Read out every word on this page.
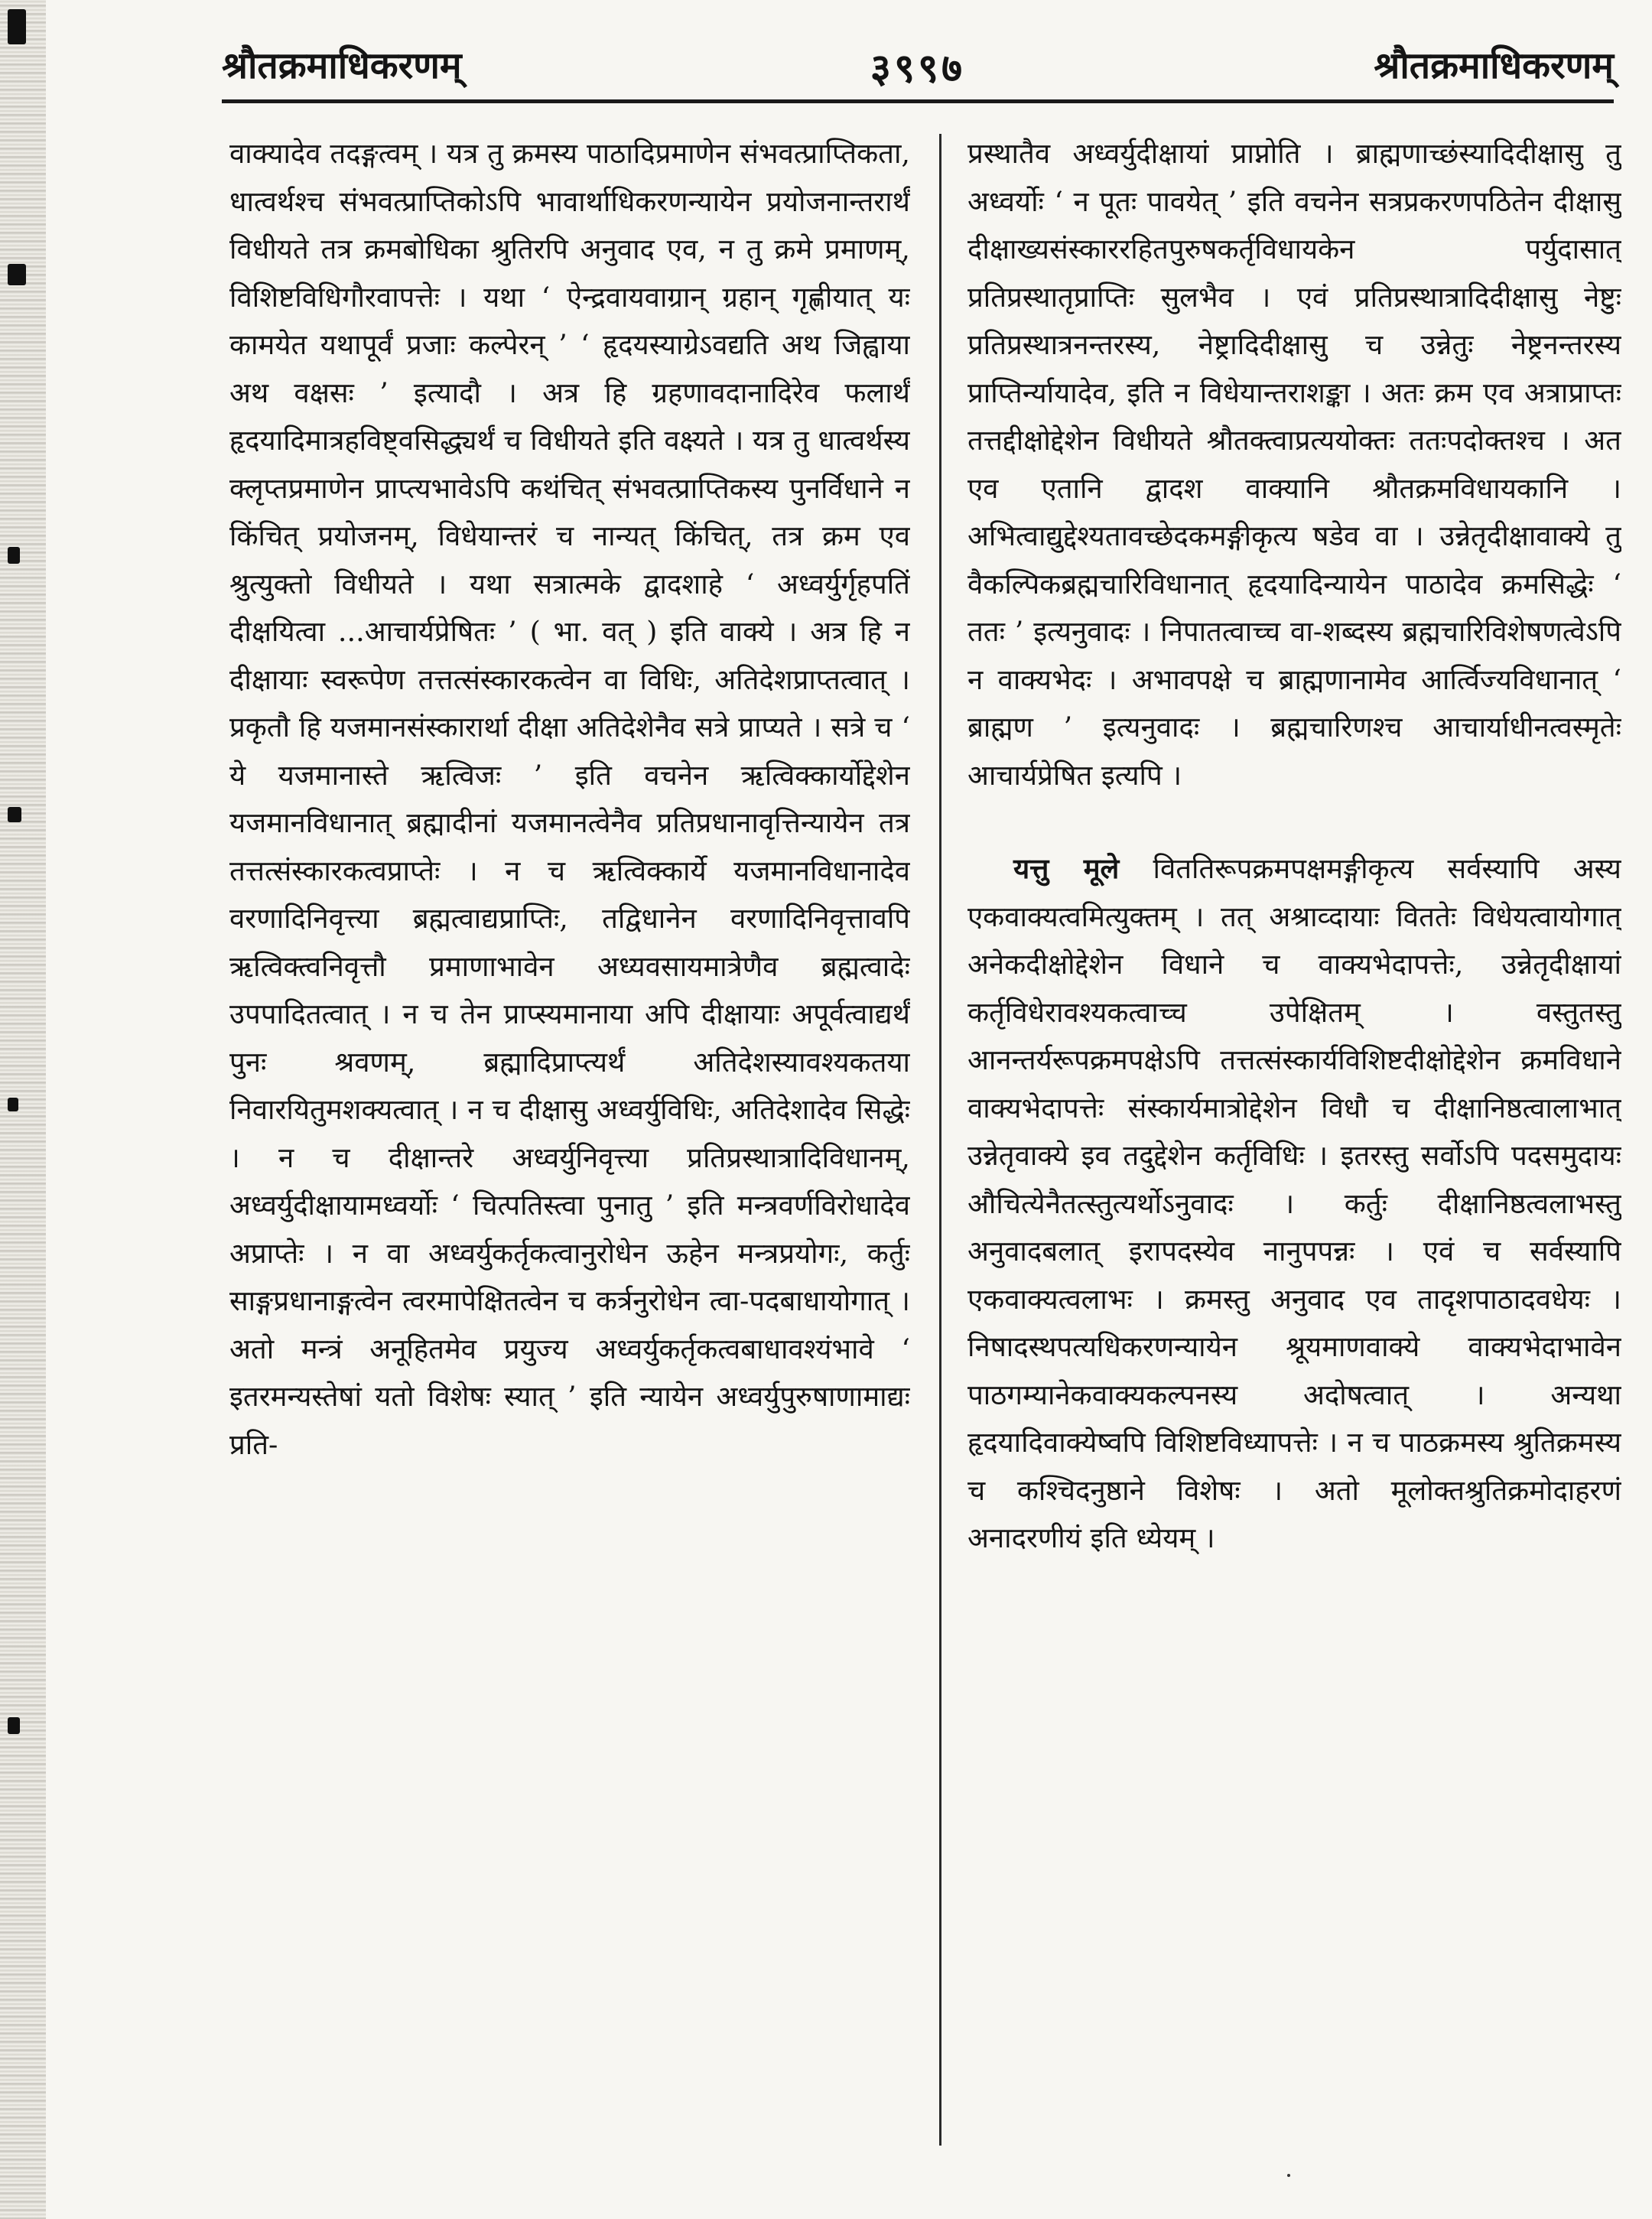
श्रौतक्रमाधिकरणम्	३९९७	श्रौतक्रमाधिकरणम्

वाक्यादेव तदङ्गत्वम् । यत्र तु क्रमस्य पाठादिप्रमाणेन संभवत्प्राप्तिकता, धात्वर्थश्च संभवत्प्राप्तिकोऽपि भावार्थाधिकरणन्यायेन प्रयोजनान्तरार्थं विधीयते तत्र क्रमबोधिका श्रुतिरपि अनुवाद एव, न तु क्रमे प्रमाणम्, विशिष्टविधिगौरवापत्तेः । यथा ‘ ऐन्द्रवायवाग्रान् ग्रहान् गृह्णीयात् यः कामयेत यथापूर्वं प्रजाः कल्पेरन् ’ ‘ हृदयस्याग्रेऽवद्यति अथ जिह्वाया अथ वक्षसः ’ इत्यादौ । अत्र हि ग्रहणावदानादिरेव फलार्थं हृदयादिमात्रहविष्ट्वसिद्ध्यर्थं च विधीयते इति वक्ष्यते । यत्र तु धात्वर्थस्य क्लृप्तप्रमाणेन प्राप्त्यभावेऽपि कथंचित् संभवत्प्राप्तिकस्य पुनर्विधाने न किंचित् प्रयोजनम्, विधेयान्तरं च नान्यत् किंचित्, तत्र क्रम एव श्रुत्युक्तो विधीयते । यथा सत्रात्मके द्वादशाहे ‘ अध्वर्युर्गृहपतिं दीक्षयित्वा ...आचार्यप्रेषितः ’ ( भा. वत् ) इति वाक्ये । अत्र हि न दीक्षायाः स्वरूपेण तत्तत्संस्कारकत्वेन वा विधिः, अतिदेशप्राप्तत्वात् । प्रकृतौ हि यजमानसंस्कारार्था दीक्षा अतिदेशेनैव सत्रे प्राप्यते । सत्रे च ‘ ये यजमानास्ते ऋत्विजः ’ इति वचनेन ऋत्विक्कार्योद्देशेन यजमानविधानात् ब्रह्मादीनां यजमानत्वेनैव प्रतिप्रधानावृत्तिन्यायेन तत्र तत्तत्संस्कारकत्वप्राप्तेः । न च ऋत्विक्कार्ये यजमानविधानादेव वरणादिनिवृत्त्या ब्रह्मत्वाद्यप्राप्तिः, तद्विधानेन वरणादिनिवृत्तावपि ऋत्विक्त्वनिवृत्तौ प्रमाणाभावेन अध्यवसायमात्रेणैव ब्रह्मत्वादेः उपपादितत्वात् । न च तेन प्राप्स्यमानाया अपि दीक्षायाः अपूर्वत्वाद्यर्थं पुनः श्रवणम्, ब्रह्मादिप्राप्त्यर्थं अतिदेशस्यावश्यकतया निवारयितुमशक्यत्वात् । न च दीक्षासु अध्वर्युविधिः, अतिदेशादेव सिद्धेः । न च दीक्षान्तरे अध्वर्युनिवृत्त्या प्रतिप्रस्थात्रादिविधानम्, अध्वर्युदीक्षायामध्वर्योः ‘ चित्पतिस्त्वा पुनातु ’ इति मन्त्रवर्णविरोधादेव अप्राप्तेः । न वा अध्वर्युकर्तृकत्वानुरोधेन ऊहेन मन्त्रप्रयोगः, कर्तुः साङ्गप्रधानाङ्गत्वेन त्वरमापेक्षितत्वेन च कर्त्रनुरोधेन त्वा-पदबाधायोगात् । अतो मन्त्रं अनूहितमेव प्रयुज्य अध्वर्युकर्तृकत्वबाधावश्यंभावे ‘ इतरमन्यस्तेषां यतो विशेषः स्यात् ’ इति न्यायेन अध्वर्युपुरुषाणामाद्यः प्रति-

प्रस्थातैव अध्वर्युदीक्षायां प्राप्नोति । ब्राह्मणाच्छंस्यादिदीक्षासु तु अध्वर्योः ‘ न पूतः पावयेत् ’ इति वचनेन सत्रप्रकरणपठितेन दीक्षासु दीक्षाख्यसंस्काररहितपुरुषकर्तृविधायकेन पर्युदासात् प्रतिप्रस्थातृप्राप्तिः सुलभैव । एवं प्रतिप्रस्थात्रादिदीक्षासु नेष्टुः प्रतिप्रस्थात्रनन्तरस्य, नेष्ट्रादिदीक्षासु च उन्नेतुः नेष्ट्रनन्तरस्य प्राप्तिर्न्यायादेव, इति न विधेयान्तराशङ्का । अतः क्रम एव अत्राप्राप्तः तत्तद्दीक्षोद्देशेन विधीयते श्रौतक्त्वाप्रत्ययोक्तः ततःपदोक्तश्च । अत एव एतानि द्वादश वाक्यानि श्रौतक्रमविधायकानि । अभित्वाद्युद्देश्यतावच्छेदकमङ्गीकृत्य षडेव वा । उन्नेतृदीक्षावाक्ये तु वैकल्पिकब्रह्मचारिविधानात् हृदयादिन्यायेन पाठादेव क्रमसिद्धेः ‘ ततः ’ इत्यनुवादः । निपातत्वाच्च वा-शब्दस्य ब्रह्मचारिविशेषणत्वेऽपि न वाक्यभेदः । अभावपक्षे च ब्राह्मणानामेव आर्त्विज्यविधानात् ‘ ब्राह्मण ’ इत्यनुवादः । ब्रह्मचारिणश्च आचार्याधीनत्वस्मृतेः आचार्यप्रेषित इत्यपि ।

यत्तु मूले विततिरूपक्रमपक्षमङ्गीकृत्य सर्वस्यापि अस्य एकवाक्यत्वमित्युक्तम् । तत् अश्राव्दायाः विततेः विधेयत्वायोगात् अनेकदीक्षोद्देशेन विधाने च वाक्यभेदापत्तेः, उन्नेतृदीक्षायां कर्तृविधेरावश्यकत्वाच्च उपेक्षितम् । वस्तुतस्तु आनन्तर्यरूपक्रमपक्षेऽपि तत्तत्संस्कार्यविशिष्टदीक्षोद्देशेन क्रमविधाने वाक्यभेदापत्तेः संस्कार्यमात्रोद्देशेन विधौ च दीक्षानिष्ठत्वालाभात् उन्नेतृवाक्ये इव तदुद्देशेन कर्तृविधिः । इतरस्तु सर्वोऽपि पदसमुदायः औचित्येनैतत्स्तुत्यर्थोऽनुवादः । कर्तुः दीक्षानिष्ठत्वलाभस्तु अनुवादबलात् इरापदस्येव नानुपपन्नः । एवं च सर्वस्यापि एकवाक्यत्वलाभः । क्रमस्तु अनुवाद एव तादृशपाठादवधेयः । निषादस्थपत्यधिकरणन्यायेन श्रूयमाणवाक्ये वाक्यभेदाभावेन पाठगम्यानेकवाक्यकल्पनस्य अदोषत्वात् । अन्यथा हृदयादिवाक्येष्वपि विशिष्टविध्यापत्तेः । न च पाठक्रमस्य श्रुतिक्रमस्य च कश्चिदनुष्ठाने विशेषः । अतो मूलोक्तश्रुतिक्रमोदाहरणं अनादरणीयं इति ध्येयम् ।
